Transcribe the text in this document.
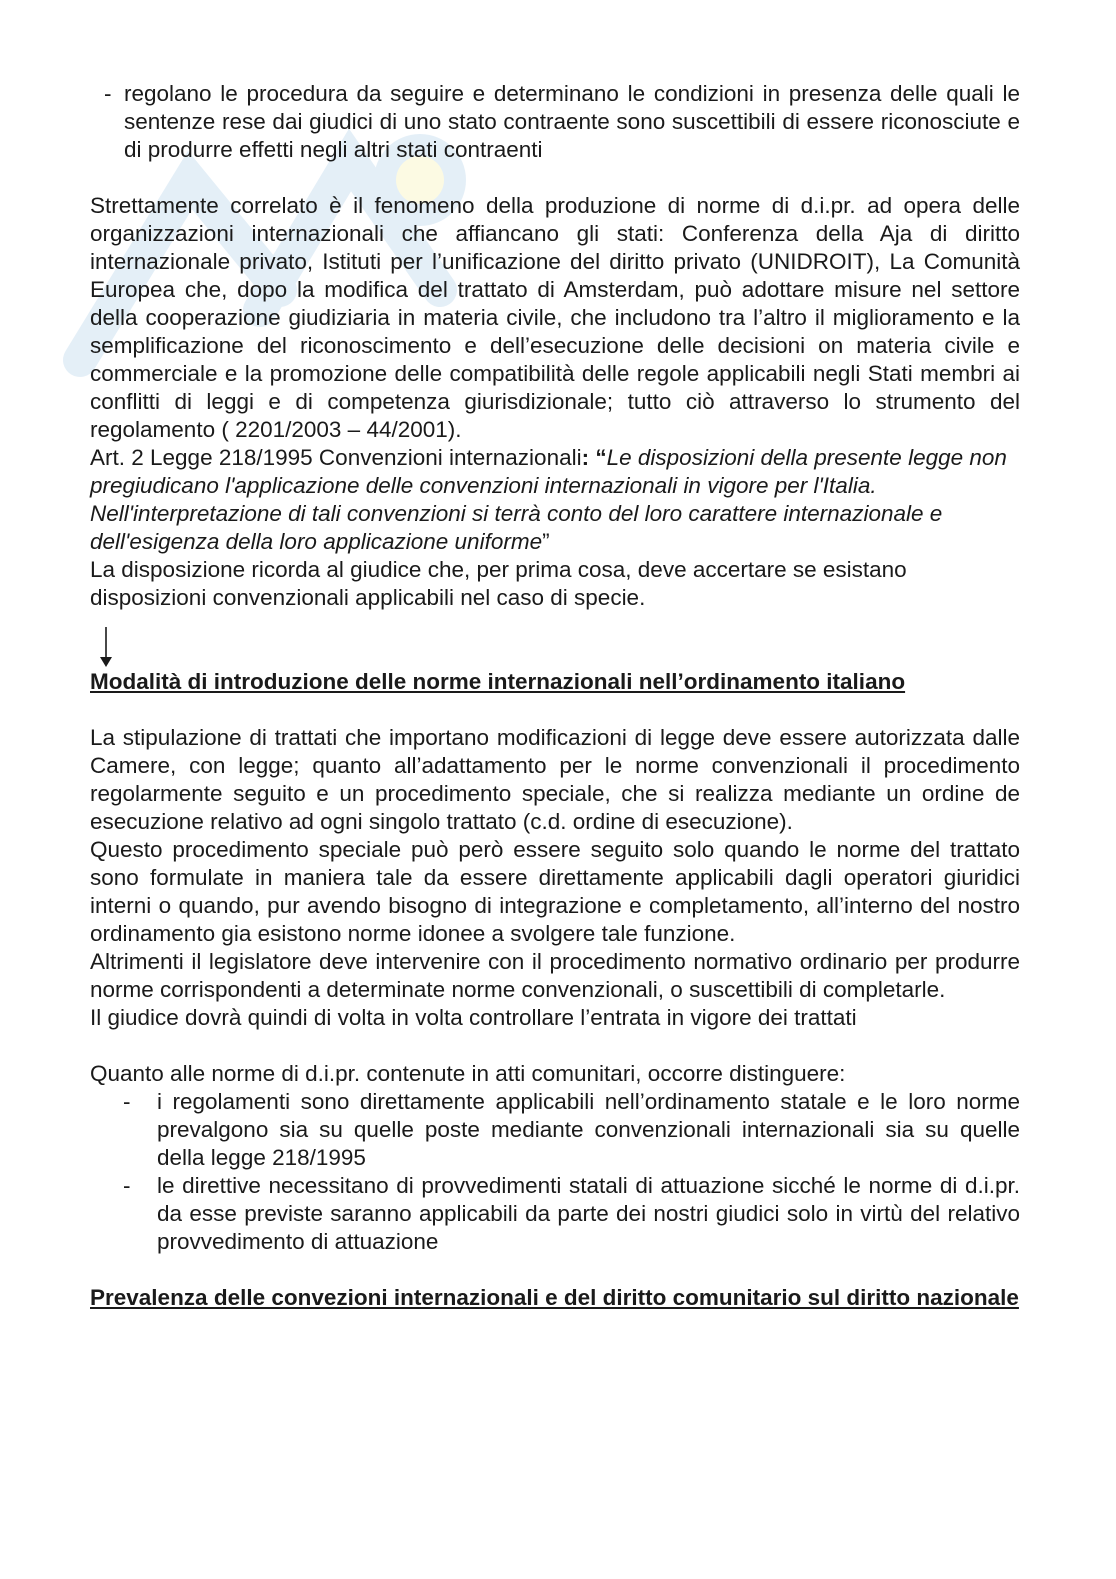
- regolano le procedura da seguire e determinano le condizioni in presenza delle quali le sentenze rese dai giudici di uno stato contraente sono suscettibili di essere riconosciute e di produrre effetti negli altri stati contraenti

Strettamente correlato è il fenomeno della produzione di norme di d.i.pr. ad opera delle organizzazioni internazionali che affiancano gli stati: Conferenza della Aja di diritto internazionale privato, Istituti per l’unificazione del diritto privato (UNIDROIT), La Comunità Europea che, dopo la modifica del trattato di Amsterdam, può adottare misure nel settore della cooperazione giudiziaria in materia civile, che includono tra l’altro il miglioramento e la semplificazione del riconoscimento e dell’esecuzione delle decisioni on materia civile e commerciale e la promozione delle compatibilità delle regole applicabili negli Stati membri ai conflitti di leggi e di competenza giurisdizionale; tutto ciò attraverso lo strumento del regolamento ( 2201/2003 – 44/2001).

Art. 2 Legge 218/1995 Convenzioni internazionali: “Le disposizioni della presente legge non pregiudicano l'applicazione delle convenzioni internazionali in vigore per l'Italia.

Nell'interpretazione di tali convenzioni si terrà conto del loro carattere internazionale e dell'esigenza della loro applicazione uniforme”

La disposizione ricorda al giudice che, per prima cosa, deve accertare se esistano disposizioni convenzionali applicabili nel caso di specie.

Modalità di introduzione delle norme internazionali nell’ordinamento italiano

La stipulazione di trattati che importano modificazioni di legge deve essere autorizzata dalle Camere, con legge; quanto all’adattamento per le norme convenzionali il procedimento regolarmente seguito e un procedimento speciale, che si realizza mediante un ordine de esecuzione relativo ad ogni singolo trattato (c.d. ordine di esecuzione).

Questo procedimento speciale può però essere seguito solo quando le norme del trattato sono formulate in maniera tale da essere direttamente applicabili dagli operatori giuridici interni o quando, pur avendo bisogno di integrazione e completamento, all’interno del nostro ordinamento gia esistono norme idonee a svolgere tale funzione.

Altrimenti il legislatore deve intervenire con il procedimento normativo ordinario per produrre norme corrispondenti a determinate norme convenzionali, o suscettibili di completarle.

Il giudice dovrà quindi di volta in volta controllare l’entrata in vigore dei trattati

Quanto alle norme di d.i.pr. contenute in atti comunitari, occorre distinguere:

- i regolamenti sono direttamente applicabili nell’ordinamento statale e le loro norme prevalgono sia su quelle poste mediante convenzionali internazionali sia su quelle della legge 218/1995
- le direttive necessitano di provvedimenti statali di attuazione sicché le norme di d.i.pr. da esse previste saranno applicabili da parte dei nostri giudici solo in virtù del relativo provvedimento di attuazione

Prevalenza delle convezioni internazionali e del diritto comunitario sul diritto nazionale
